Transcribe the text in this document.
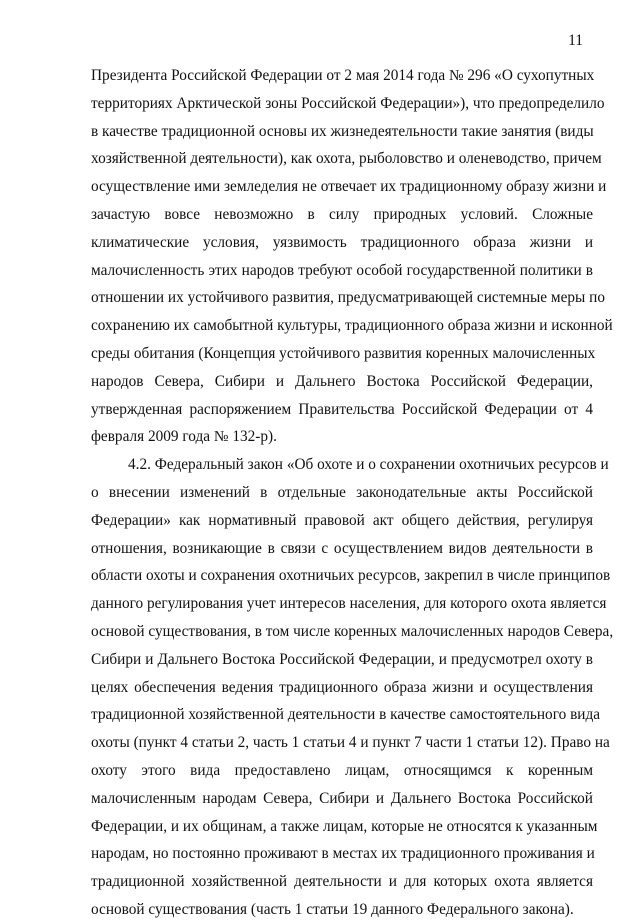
11
Президента Российской Федерации от 2 мая 2014 года № 296 «О сухопутных
территориях Арктической зоны Российской Федерации»), что предопределило
в качестве традиционной основы их жизнедеятельности такие занятия (виды
хозяйственной деятельности), как охота, рыболовство и оленеводство, причем
осуществление ими земледелия не отвечает их традиционному образу жизни и
зачастую вовсе невозможно в силу природных условий. Сложные
климатические условия, уязвимость традиционного образа жизни и
малочисленность этих народов требуют особой государственной политики в
отношении их устойчивого развития, предусматривающей системные меры по
сохранению их самобытной культуры, традиционного образа жизни и исконной
среды обитания (Концепция устойчивого развития коренных малочисленных
народов Севера, Сибири и Дальнего Востока Российской Федерации,
утвержденная распоряжением Правительства Российской Федерации от 4
февраля 2009 года № 132-р).
4.2. Федеральный закон «Об охоте и о сохранении охотничьих ресурсов и
о внесении изменений в отдельные законодательные акты Российской
Федерации» как нормативный правовой акт общего действия, регулируя
отношения, возникающие в связи с осуществлением видов деятельности в
области охоты и сохранения охотничьих ресурсов, закрепил в числе принципов
данного регулирования учет интересов населения, для которого охота является
основой существования, в том числе коренных малочисленных народов Севера,
Сибири и Дальнего Востока Российской Федерации, и предусмотрел охоту в
целях обеспечения ведения традиционного образа жизни и осуществления
традиционной хозяйственной деятельности в качестве самостоятельного вида
охоты (пункт 4 статьи 2, часть 1 статьи 4 и пункт 7 части 1 статьи 12). Право на
охоту этого вида предоставлено лицам, относящимся к коренным
малочисленным народам Севера, Сибири и Дальнего Востока Российской
Федерации, и их общинам, а также лицам, которые не относятся к указанным
народам, но постоянно проживают в местах их традиционного проживания и
традиционной хозяйственной деятельности и для которых охота является
основой существования (часть 1 статьи 19 данного Федерального закона).
